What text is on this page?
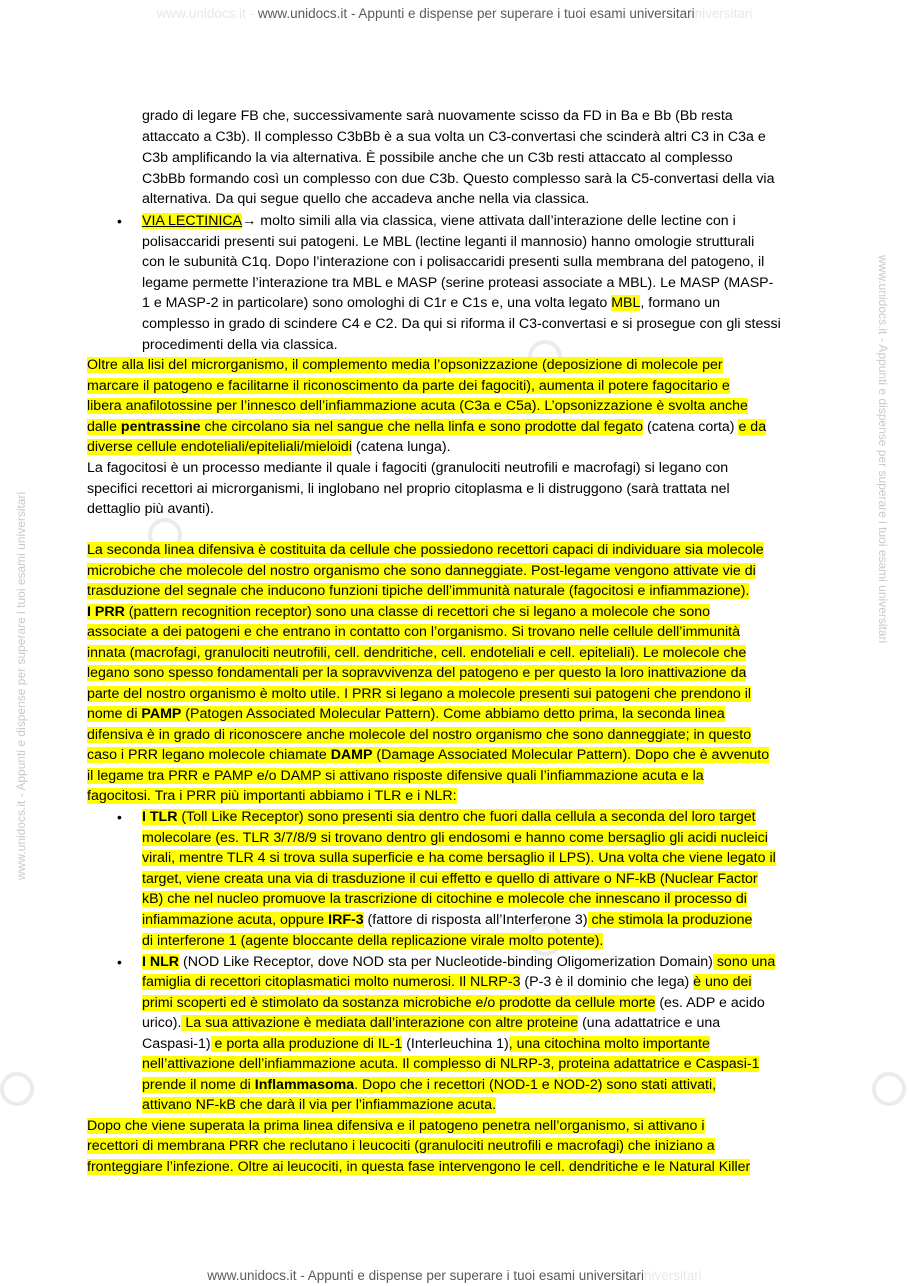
www.unidocs.it - www.unidocs.it - Appunti e dispense per superare i tuoi esami universitariniversitari
www.unidocs.it - Appunti e dispense per superare i tuoi esami universitariniversitari
www.unidocs.it - Appunti e dispense per superare i tuoi esami universitari
www.unidocs.it - Appunti e dispense per superare i tuoi esami universitari
grado di legare FB che, successivamente sarà nuovamente scisso da FD in Ba e Bb (Bb resta
attaccato a C3b). Il complesso C3bBb è a sua volta un C3-convertasi che scinderà altri C3 in C3a e
C3b amplificando la via alternativa. È possibile anche che un C3b resti attaccato al complesso
C3bBb formando così un complesso con due C3b. Questo complesso sarà la C5-convertasi della via
alternativa. Da qui segue quello che accadeva anche nella via classica.
• VIA LECTINICA→ molto simili alla via classica, viene attivata dall’interazione delle lectine con i
polisaccaridi presenti sui patogeni. Le MBL (lectine leganti il mannosio) hanno omologie strutturali
con le subunità C1q. Dopo l’interazione con i polisaccaridi presenti sulla membrana del patogeno, il
legame permette l’interazione tra MBL e MASP (serine proteasi associate a MBL). Le MASP (MASP-
1 e MASP-2 in particolare) sono omologhi di C1r e C1s e, una volta legato MBL, formano un
complesso in grado di scindere C4 e C2. Da qui si riforma il C3-convertasi e si prosegue con gli stessi
procedimenti della via classica.
Oltre alla lisi del microrganismo, il complemento media l’opsonizzazione (deposizione di molecole per
marcare il patogeno e facilitarne il riconoscimento da parte dei fagociti), aumenta il potere fagocitario e
libera anafilotossine per l’innesco dell’infiammazione acuta (C3a e C5a). L’opsonizzazione è svolta anche
dalle pentrassine che circolano sia nel sangue che nella linfa e sono prodotte dal fegato (catena corta) e da
diverse cellule endoteliali/epiteliali/mieloidi (catena lunga).
La fagocitosi è un processo mediante il quale i fagociti (granulociti neutrofili e macrofagi) si legano con
specifici recettori ai microrganismi, li inglobano nel proprio citoplasma e li distruggono (sarà trattata nel
dettaglio più avanti).
La seconda linea difensiva è costituita da cellule che possiedono recettori capaci di individuare sia molecole
microbiche che molecole del nostro organismo che sono danneggiate. Post-legame vengono attivate vie di
trasduzione del segnale che inducono funzioni tipiche dell’immunità naturale (fagocitosi e infiammazione).
I PRR (pattern recognition receptor) sono una classe di recettori che si legano a molecole che sono
associate a dei patogeni e che entrano in contatto con l’organismo. Si trovano nelle cellule dell’immunità
innata (macrofagi, granulociti neutrofili, cell. dendritiche, cell. endoteliali e cell. epiteliali). Le molecole che
legano sono spesso fondamentali per la sopravvivenza del patogeno e per questo la loro inattivazione da
parte del nostro organismo è molto utile. I PRR si legano a molecole presenti sui patogeni che prendono il
nome di PAMP (Patogen Associated Molecular Pattern). Come abbiamo detto prima, la seconda linea
difensiva è in grado di riconoscere anche molecole del nostro organismo che sono danneggiate; in questo
caso i PRR legano molecole chiamate DAMP (Damage Associated Molecular Pattern). Dopo che è avvenuto
il legame tra PRR e PAMP e/o DAMP si attivano risposte difensive quali l’infiammazione acuta e la
fagocitosi. Tra i PRR più importanti abbiamo i TLR e i NLR:
• I TLR (Toll Like Receptor) sono presenti sia dentro che fuori dalla cellula a seconda del loro target
molecolare (es. TLR 3/7/8/9 si trovano dentro gli endosomi e hanno come bersaglio gli acidi nucleici
virali, mentre TLR 4 si trova sulla superficie e ha come bersaglio il LPS). Una volta che viene legato il
target, viene creata una via di trasduzione il cui effetto e quello di attivare o NF-kB (Nuclear Factor
kB) che nel nucleo promuove la trascrizione di citochine e molecole che innescano il processo di
infiammazione acuta, oppure IRF-3 (fattore di risposta all’Interferone 3) che stimola la produzione
di interferone 1 (agente bloccante della replicazione virale molto potente).
• I NLR (NOD Like Receptor, dove NOD sta per Nucleotide-binding Oligomerization Domain) sono una
famiglia di recettori citoplasmatici molto numerosi. Il NLRP-3 (P-3 è il dominio che lega) è uno dei
primi scoperti ed è stimolato da sostanza microbiche e/o prodotte da cellule morte (es. ADP e acido
urico). La sua attivazione è mediata dall’interazione con altre proteine (una adattatrice e una
Caspasi-1) e porta alla produzione di IL-1 (Interleuchina 1), una citochina molto importante
nell’attivazione dell’infiammazione acuta. Il complesso di NLRP-3, proteina adattatrice e Caspasi-1
prende il nome di Inflammasoma. Dopo che i recettori (NOD-1 e NOD-2) sono stati attivati,
attivano NF-kB che darà il via per l’infiammazione acuta.
Dopo che viene superata la prima linea difensiva e il patogeno penetra nell’organismo, si attivano i
recettori di membrana PRR che reclutano i leucociti (granulociti neutrofili e macrofagi) che iniziano a
fronteggiare l’infezione. Oltre ai leucociti, in questa fase intervengono le cell. dendritiche e le Natural Killer
